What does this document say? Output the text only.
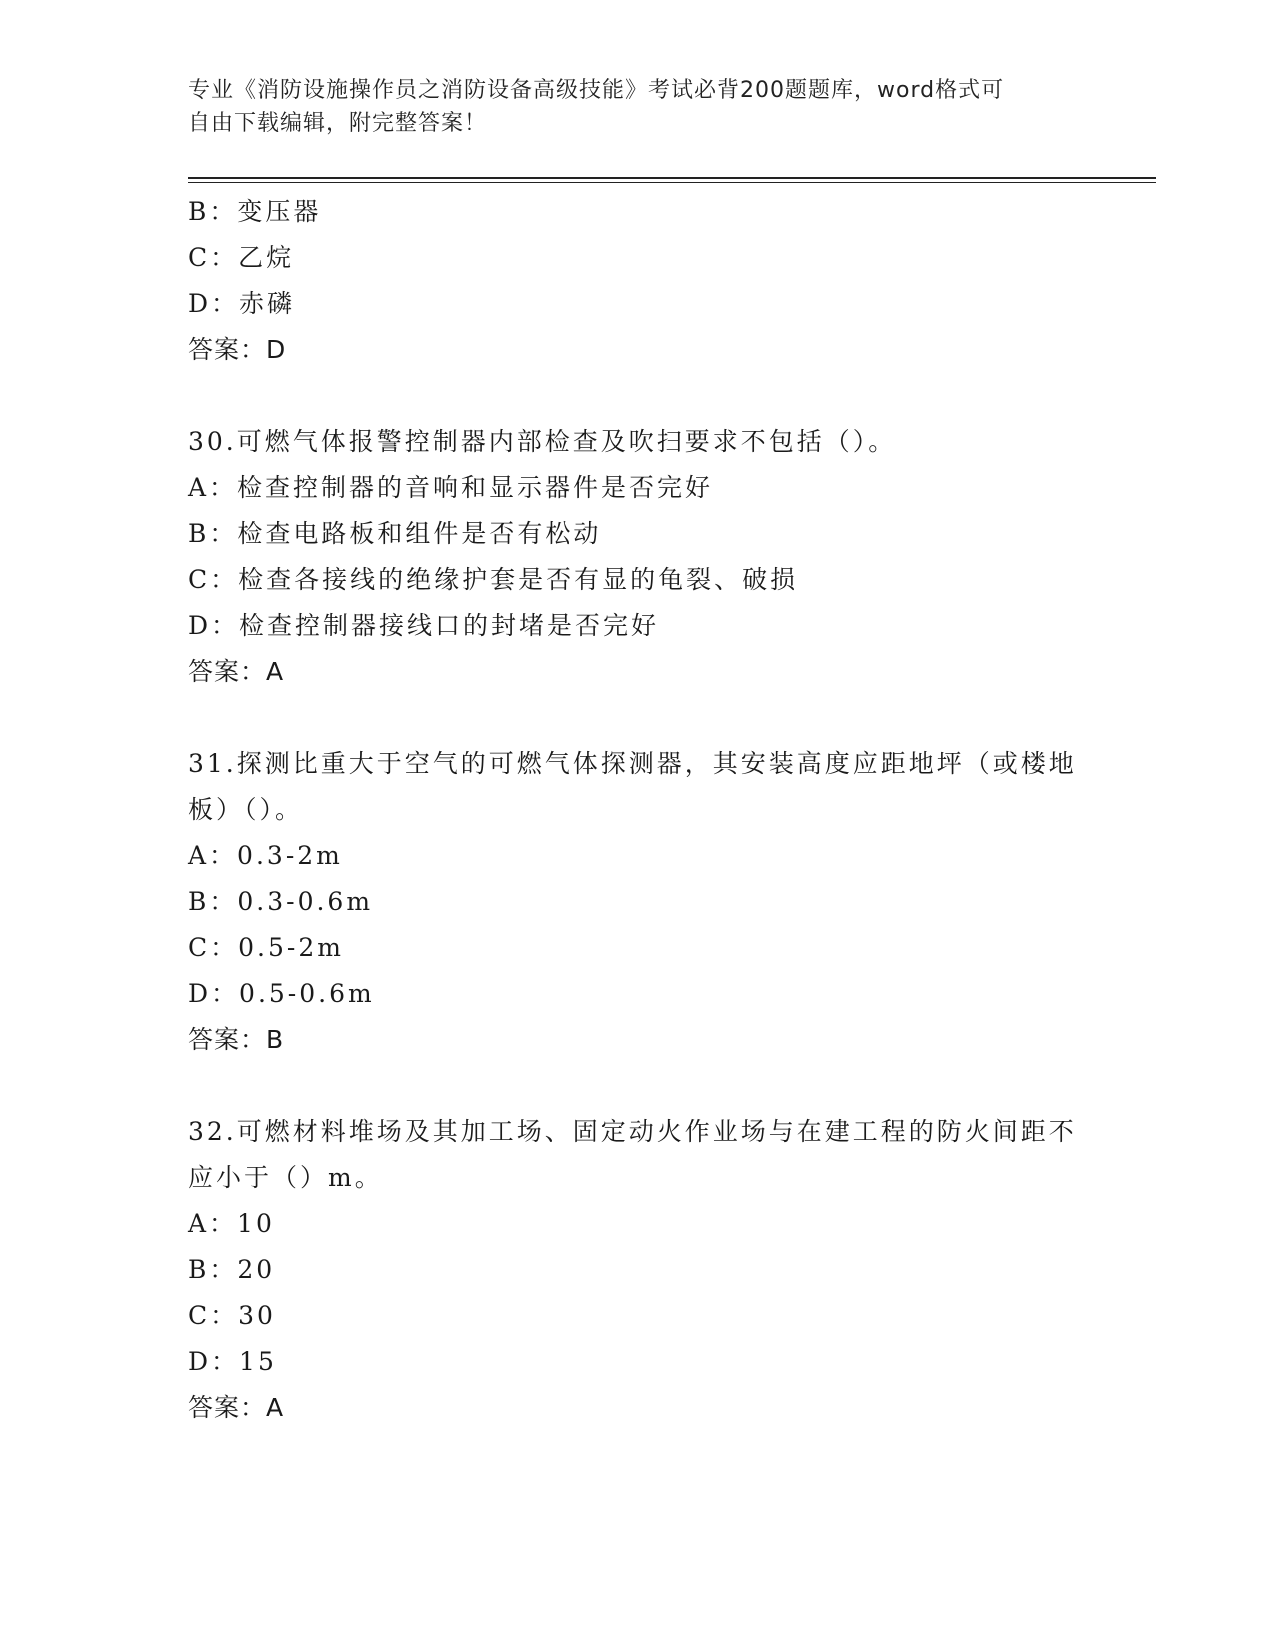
专业《消防设施操作员之消防设备高级技能》考试必背200题题库，word格式可
自由下载编辑，附完整答案！
B：变压器
C：乙烷
D：赤磷
答案：D
30.可燃气体报警控制器内部检查及吹扫要求不包括（）。
A：检查控制器的音响和显示器件是否完好
B：检查电路板和组件是否有松动
C：检查各接线的绝缘护套是否有显的龟裂、破损
D：检查控制器接线口的封堵是否完好
答案：A
31.探测比重大于空气的可燃气体探测器，其安装高度应距地坪（或楼地板）（）。
A：0.3-2m
B：0.3-0.6m
C：0.5-2m
D：0.5-0.6m
答案：B
32.可燃材料堆场及其加工场、固定动火作业场与在建工程的防火间距不应小于（）m。
A：10
B：20
C：30
D：15
答案：A
